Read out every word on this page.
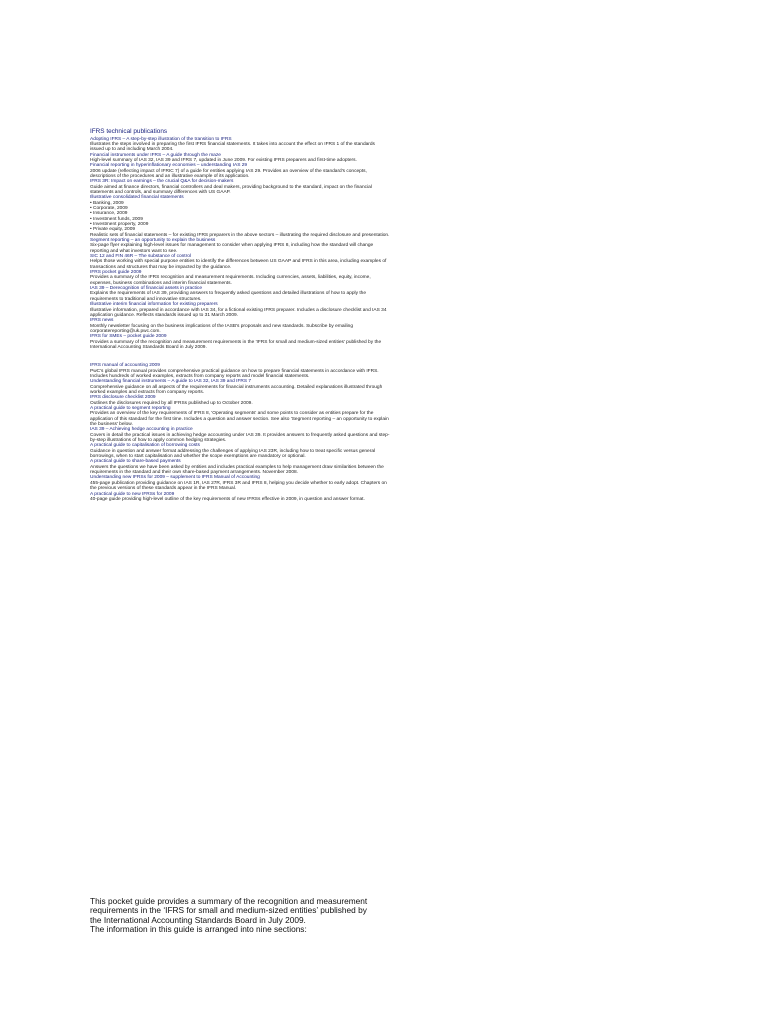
IFRS technical publications

Adopting IFRS – A step-by-step illustration of the transition to IFRS

Illustrates the steps involved in preparing the first IFRS financial statements. It takes into account the effect on IFRS 1 of the standards issued up to and including March 2004.

Financial instruments under IFRS – A guide through the maze

High-level summary of IAS 32, IAS 39 and IFRS 7, updated in June 2009. For existing IFRS preparers and first-time adopters.

Financial reporting in hyperinflationary economies – understanding IAS 29

2006 update (reflecting impact of IFRIC 7) of a guide for entities applying IAS 29. Provides an overview of the standard's concepts, descriptions of the procedures and an illustrative example of its application.

IFRS 3R: Impact on earnings – the crucial Q&A for decision-makers

Guide aimed at finance directors, financial controllers and deal makers, providing background to the standard, impact on the financial statements and controls, and summary differences with US GAAP.

Illustrative consolidated financial statements

• Banking, 2009
• Corporate, 2009
• Insurance, 2009
• Investment funds, 2009
• Investment property, 2009
• Private equity, 2009
Realistic sets of financial statements – for existing IFRS preparers in the above sectors – illustrating the required disclosure and presentation.

Segment reporting – an opportunity to explain the business

Six-page flyer explaining high-level issues for management to consider when applying IFRS 8, including how the standard will change reporting and what investors want to see.

SIC 12 and FIN 46R – The substance of control

Helps those working with special purpose entities to identify the differences between US GAAP and IFRS in this area, including examples of transactions and structures that may be impacted by the guidance.

IFRS pocket guide 2009

Provides a summary of the IFRS recognition and measurement requirements. Including currencies, assets, liabilities, equity, income, expenses, business combinations and interim financial statements.

IAS 39 – Derecognition of financial assets in practice

Explains the requirements of IAS 39, providing answers to frequently asked questions and detailed illustrations of how to apply the requirements to traditional and innovative structures.

Illustrative interim financial information for existing preparers

Illustrative information, prepared in accordance with IAS 34, for a fictional existing IFRS preparer. Includes a disclosure checklist and IAS 34 application guidance. Reflects standards issued up to 31 March 2009.

IFRS news

Monthly newsletter focusing on the business implications of the IASB's proposals and new standards. Subscribe by emailing corporatereporting@uk.pwc.com.

IFRS for SMEs – pocket guide 2009

Provides a summary of the recognition and measurement requirements in the 'IFRS for small and medium-sized entities' published by the International Accounting Standards Board in July 2009.

IFRS manual of accounting 2009

PwC's global IFRS manual provides comprehensive practical guidance on how to prepare financial statements in accordance with IFRS. Includes hundreds of worked examples, extracts from company reports and model financial statements.

Understanding financial instruments – A guide to IAS 32, IAS 39 and IFRS 7

Comprehensive guidance on all aspects of the requirements for financial instruments accounting. Detailed explanations illustrated through worked examples and extracts from company reports.

IFRS disclosure checklist 2009

Outlines the disclosures required by all IFRSs published up to October 2009.

A practical guide to segment reporting

Provides an overview of the key requirements of IFRS 8, 'Operating segments' and some points to consider as entities prepare for the application of this standard for the first time. Includes a question and answer section. See also 'Segment reporting – an opportunity to explain the business' below.

IAS 39 – Achieving hedge accounting in practice

Covers in detail the practical issues in achieving hedge accounting under IAS 39. It provides answers to frequently asked questions and step-by-step illustrations of how to apply common hedging strategies.

A practical guide to capitalisation of borrowing costs

Guidance in question and answer format addressing the challenges of applying IAS 23R, including how to treat specific versus general borrowings, when to start capitalisation and whether the scope exemptions are mandatory or optional.

A practical guide to share-based payments

Answers the questions we have been asked by entities and includes practical examples to help management draw similarities between the requirements in the standard and their own share-based payment arrangements. November 2008.

Understanding new IFRSs for 2009 – supplement to IFRS Manual of Accounting

455-page publication providing guidance on IAS 1R, IAS 27R, IFRS 3R and IFRS 8, helping you decide whether to early adopt. Chapters on the previous versions of these standards appear in the IFRS Manual.

A practical guide to new IFRSs for 2009

40-page guide providing high-level outline of the key requirements of new IFRSs effective in 2009, in question and answer format.

This pocket guide provides a summary of the recognition and measurement

requirements in the ‘IFRS for small and medium-sized entities’ published by

the International Accounting Standards Board in July 2009.

The information in this guide is arranged into nine sections:
